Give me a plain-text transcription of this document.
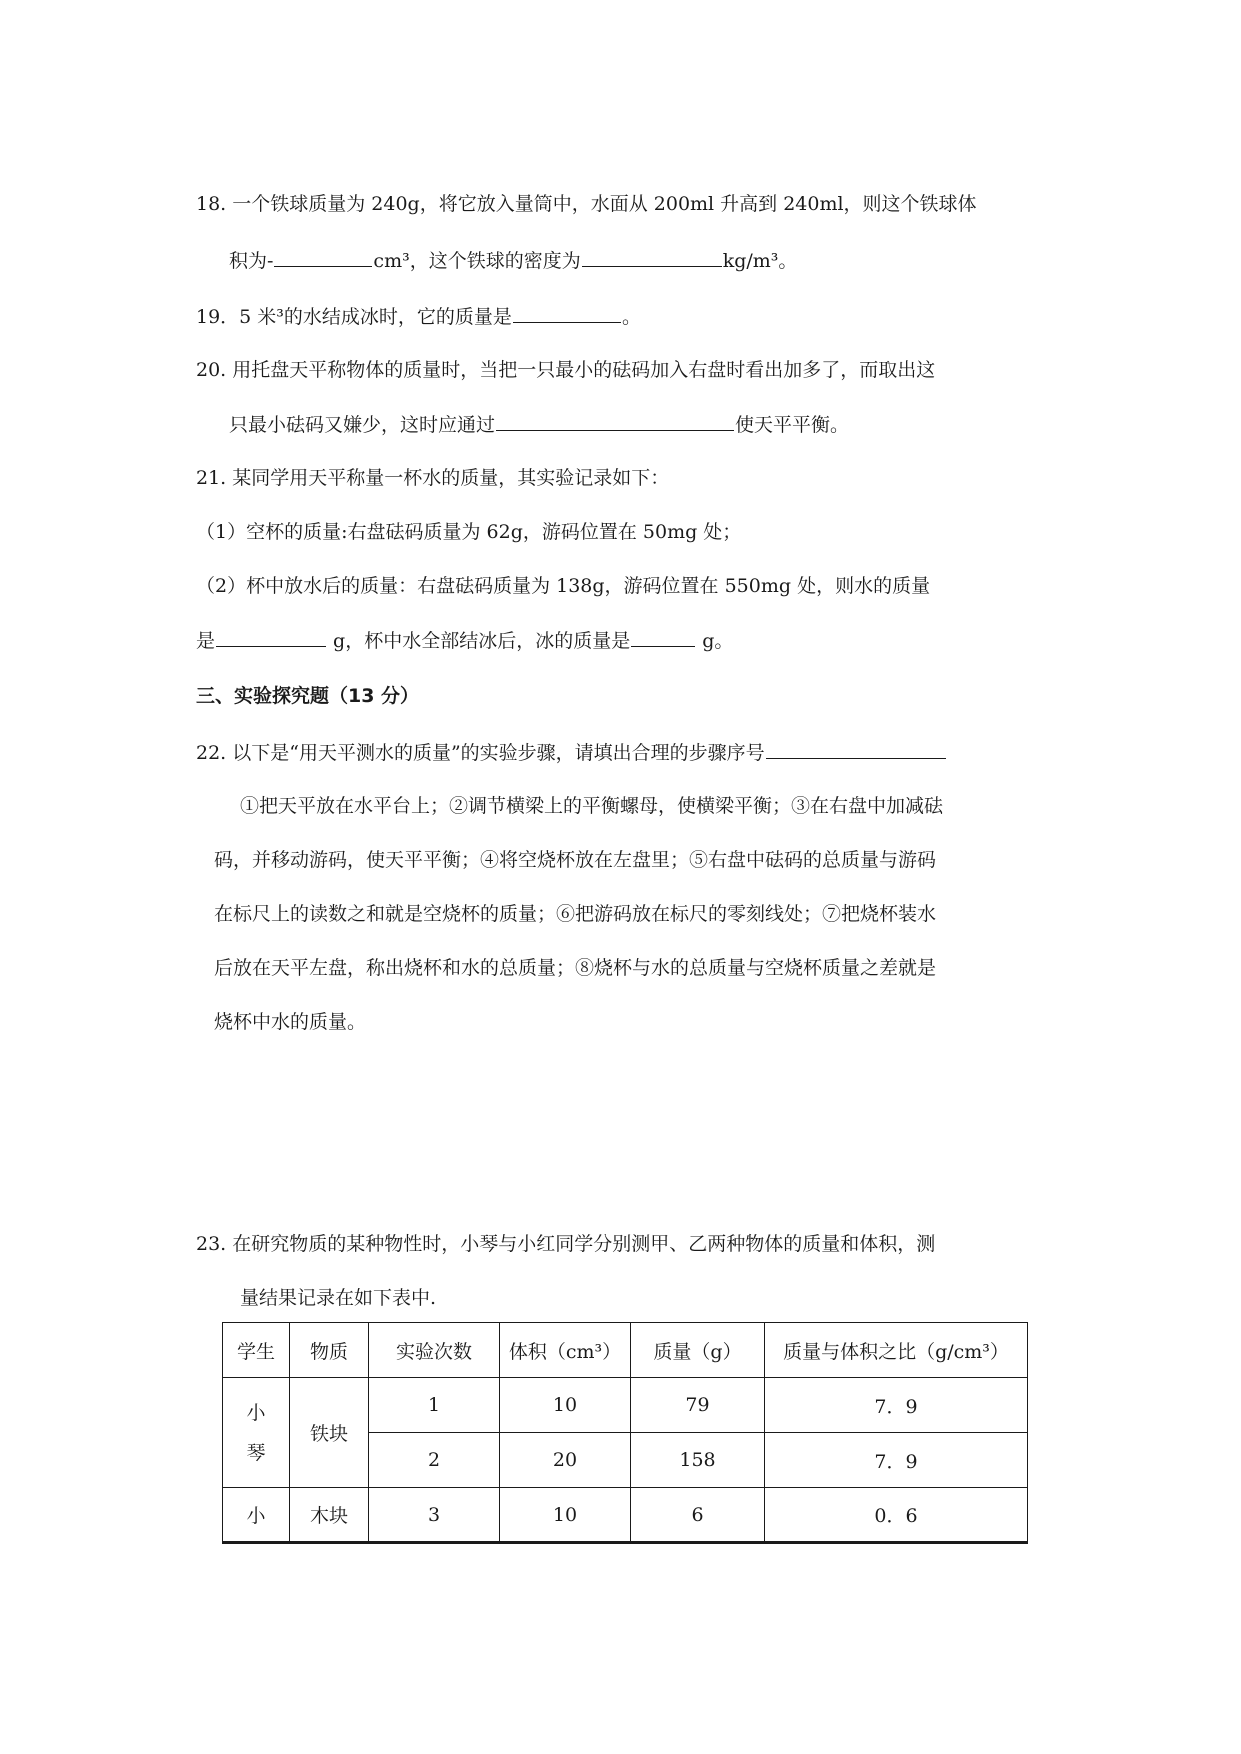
18. 一个铁球质量为 240g，将它放入量筒中，水面从 200ml 升高到 240ml，则这个铁球体
积为-	cm³，这个铁球的密度为	kg/m³。
19．5 米³的水结成冰时，它的质量是	。
20. 用托盘天平称物体的质量时，当把一只最小的砝码加入右盘时看出加多了，而取出这
只最小砝码又嫌少，这时应通过	使天平平衡。
21. 某同学用天平称量一杯水的质量，其实验记录如下：
（1）空杯的质量:右盘砝码质量为 62g，游码位置在 50mg 处；
（2）杯中放水后的质量：右盘砝码质量为 138g，游码位置在 550mg 处，则水的质量
是	g，杯中水全部结冰后，冰的质量是	g。
三、实验探究题（13 分）
22. 以下是“用天平测水的质量”的实验步骤，请填出合理的步骤序号
①把天平放在水平台上；②调节横梁上的平衡螺母，使横梁平衡；③在右盘中加减砝
码，并移动游码，使天平平衡；④将空烧杯放在左盘里；⑤右盘中砝码的总质量与游码
在标尺上的读数之和就是空烧杯的质量；⑥把游码放在标尺的零刻线处；⑦把烧杯装水
后放在天平左盘，称出烧杯和水的总质量；⑧烧杯与水的总质量与空烧杯质量之差就是
烧杯中水的质量。
23. 在研究物质的某种物性时，小琴与小红同学分别测甲、乙两种物体的质量和体积，测
量结果记录在如下表中.
学生	物质	实验次数	体积（cm³）	质量（g）	质量与体积之比（g/cm³）

小
琴	铁块	1	10	79	7．9
		2	20	158	7．9
小	木块	3	10	6	0．6
